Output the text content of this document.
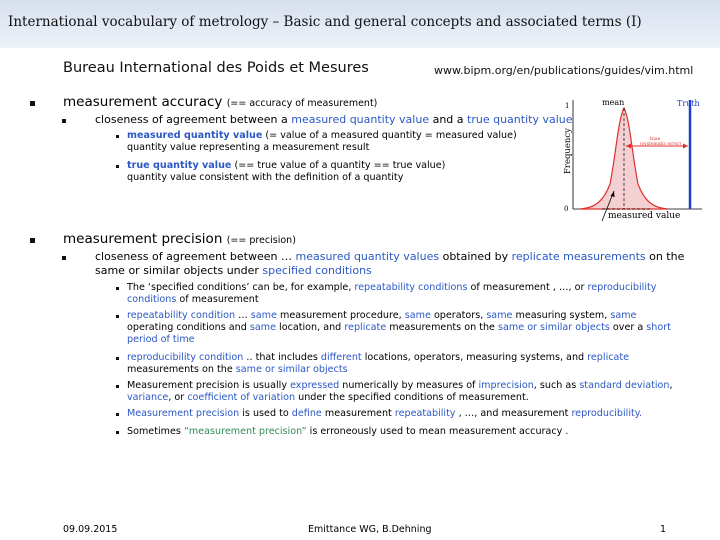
International vocabulary of metrology – Basic and general concepts and associated terms (I)
Bureau International des Poids et Mesures	www.bipm.org/en/publications/guides/vim.html
measurement accuracy (== accuracy of measurement)
closeness of agreement between a measured quantity value and a true quantity value
measured quantity value (= value of a measured quantity = measured value)
quantity value representing a measurement result
true quantity value (== true value of a quantity == true value)
quantity value consistent with the definition of a quantity
Frequency
1
0
mean	Truth
bias
(systematic error)
measured value
measurement precision (== precision)
closeness of agreement between … measured quantity values obtained by replicate measurements on the
same or similar objects under specified conditions
The ‘specified conditions’ can be, for example, repeatability conditions of measurement , …, or reproducibility
conditions of measurement
repeatability condition … same measurement procedure, same operators, same measuring system, same
operating conditions and same location, and replicate measurements on the same or similar objects over a short
period of time
reproducibility condition .. that includes different locations, operators, measuring systems, and replicate
measurements on the same or similar objects
Measurement precision is usually expressed numerically by measures of imprecision, such as standard deviation,
variance, or coefficient of variation under the specified conditions of measurement.
Measurement precision is used to define measurement repeatability , …, and measurement reproducibility.
Sometimes “measurement precision” is erroneously used to mean measurement accuracy .
09.09.2015	Emittance WG, B.Dehning	1
